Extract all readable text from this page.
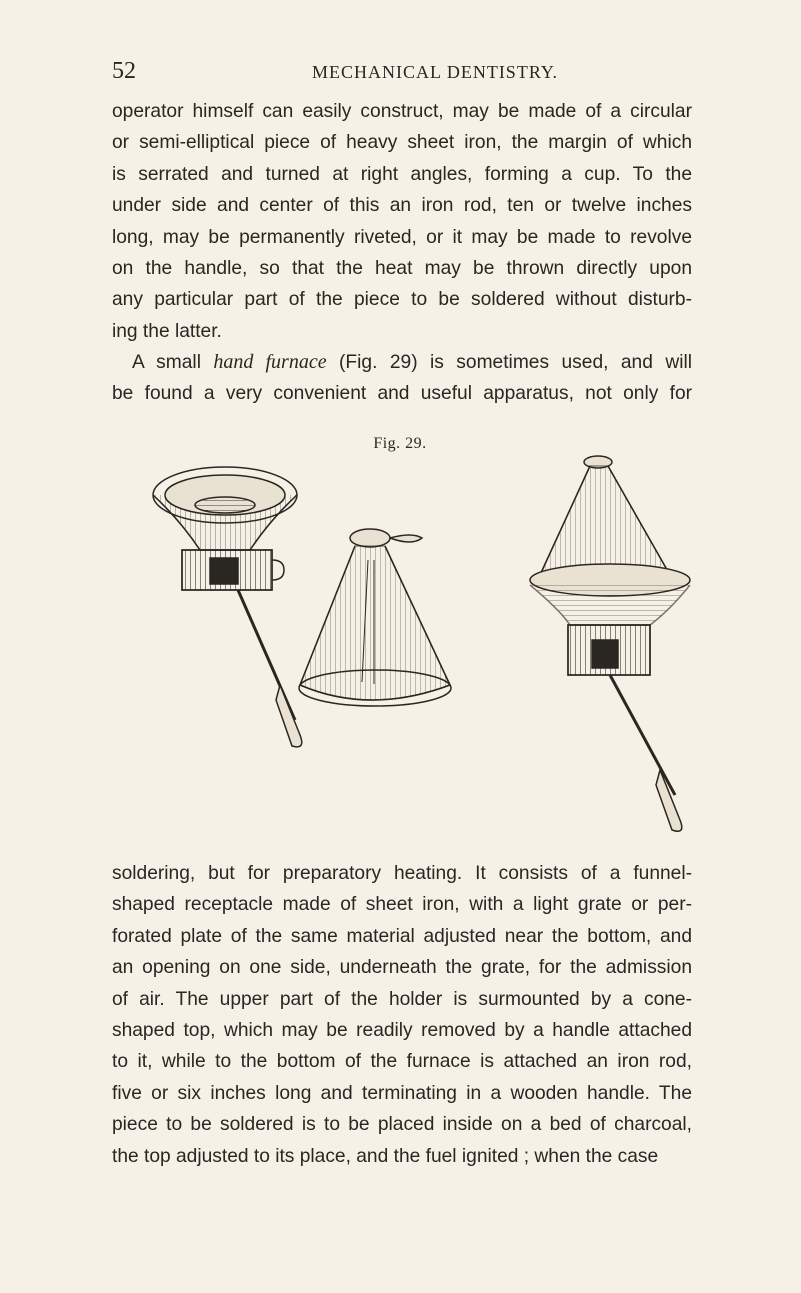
52	MECHANICAL DENTISTRY.
operator himself can easily construct, may be made of a circular
or semi-elliptical piece of heavy sheet iron, the margin of which
is serrated and turned at right angles, forming a cup. To the
under side and center of this an iron rod, ten or twelve inches
long, may be permanently riveted, or it may be made to revolve
on the handle, so that the heat may be thrown directly upon
any particular part of the piece to be soldered without disturb-
ing the latter.
A small hand furnace (Fig. 29) is sometimes used, and will
be found a very convenient and useful apparatus, not only for
Fig. 29.
soldering, but for preparatory heating. It consists of a funnel-
shaped receptacle made of sheet iron, with a light grate or per-
forated plate of the same material adjusted near the bottom, and
an opening on one side, underneath the grate, for the admission
of air. The upper part of the holder is surmounted by a cone-
shaped top, which may be readily removed by a handle attached
to it, while to the bottom of the furnace is attached an iron rod,
five or six inches long and terminating in a wooden handle. The
piece to be soldered is to be placed inside on a bed of charcoal,
the top adjusted to its place, and the fuel ignited ; when the case
